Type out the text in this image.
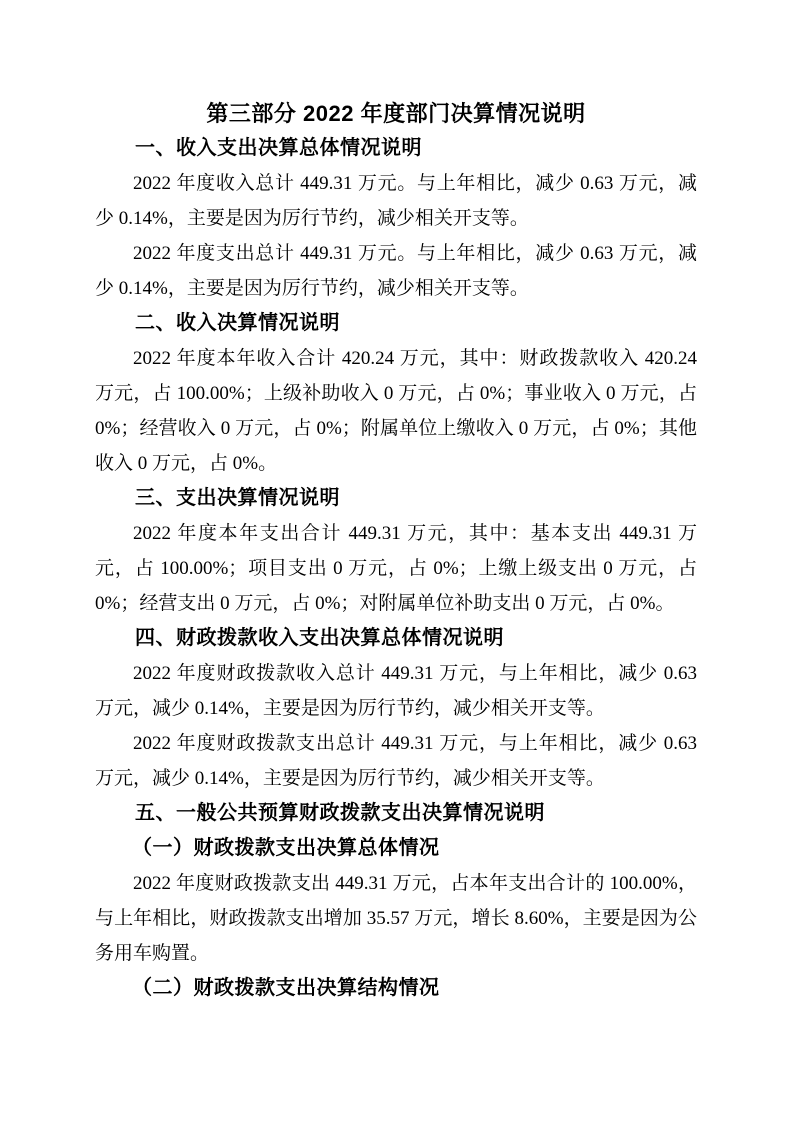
第三部分 2022 年度部门决算情况说明
一、收入支出决算总体情况说明

2022 年度收入总计 449.31 万元。与上年相比，减少 0.63 万元，减少 0.14%，主要是因为厉行节约，减少相关开支等。

2022 年度支出总计 449.31 万元。与上年相比，减少 0.63 万元，减少 0.14%，主要是因为厉行节约，减少相关开支等。

二、收入决算情况说明

2022 年度本年收入合计 420.24 万元，其中：财政拨款收入 420.24 万元，占 100.00%；上级补助收入 0 万元，占 0%；事业收入 0 万元，占 0%；经营收入 0 万元，占 0%；附属单位上缴收入 0 万元，占 0%；其他收入 0 万元，占 0%。

三、支出决算情况说明

2022 年度本年支出合计 449.31 万元，其中：基本支出 449.31 万元，占 100.00%；项目支出 0 万元，占 0%；上缴上级支出 0 万元，占 0%；经营支出 0 万元，占 0%；对附属单位补助支出 0 万元，占 0%。

四、财政拨款收入支出决算总体情况说明

2022 年度财政拨款收入总计 449.31 万元，与上年相比，减少 0.63 万元，减少 0.14%，主要是因为厉行节约，减少相关开支等。

2022 年度财政拨款支出总计 449.31 万元，与上年相比，减少 0.63 万元，减少 0.14%，主要是因为厉行节约，减少相关开支等。

五、一般公共预算财政拨款支出决算情况说明
（一）财政拨款支出决算总体情况

2022 年度财政拨款支出 449.31 万元，占本年支出合计的 100.00%，与上年相比，财政拨款支出增加 35.57 万元，增长 8.60%，主要是因为公务用车购置。

（二）财政拨款支出决算结构情况
